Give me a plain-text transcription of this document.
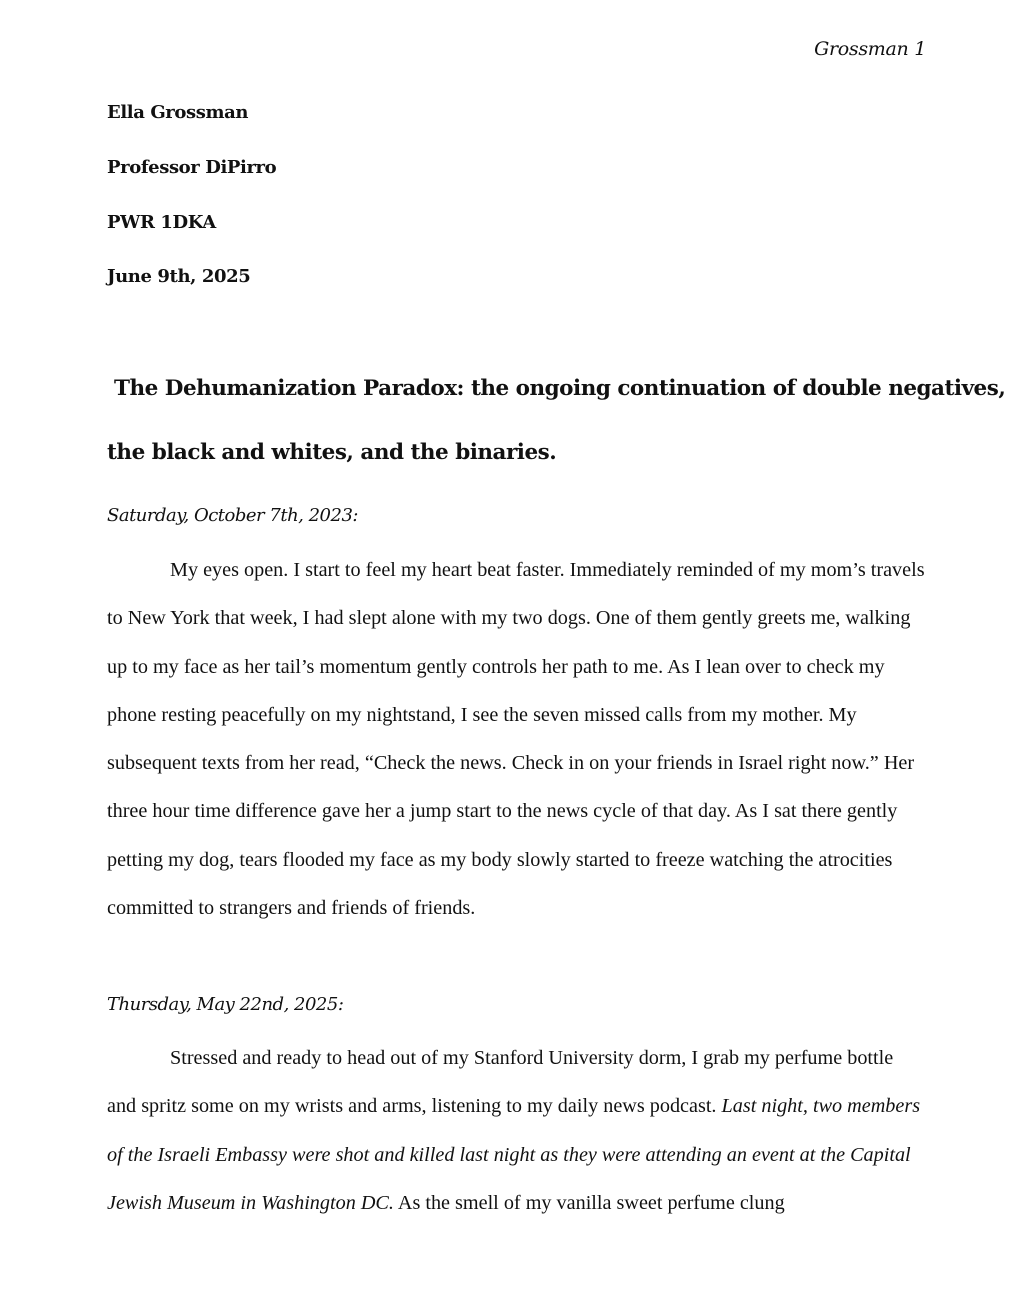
Grossman 1
Ella Grossman
Professor DiPirro
PWR 1DKA
June 9th, 2025
The Dehumanization Paradox: the ongoing continuation of double negatives,
the black and whites, and the binaries.
Saturday, October 7th, 2023:

My eyes open. I start to feel my heart beat faster. Immediately reminded of my mom’s travels to New York that week, I had slept alone with my two dogs. One of them gently greets me, walking up to my face as her tail’s momentum gently controls her path to me. As I lean over to check my phone resting peacefully on my nightstand, I see the seven missed calls from my mother. My subsequent texts from her read, “Check the news. Check in on your friends in Israel right now.” Her three hour time difference gave her a jump start to the news cycle of that day. As I sat there gently petting my dog, tears flooded my face as my body slowly started to freeze watching the atrocities committed to strangers and friends of friends.

Thursday, May 22nd, 2025:

Stressed and ready to head out of my Stanford University dorm, I grab my perfume bottle and spritz some on my wrists and arms, listening to my daily news podcast. Last night, two members of the Israeli Embassy were shot and killed last night as they were attending an event at the Capital Jewish Museum in Washington DC. As the smell of my vanilla sweet perfume clung
